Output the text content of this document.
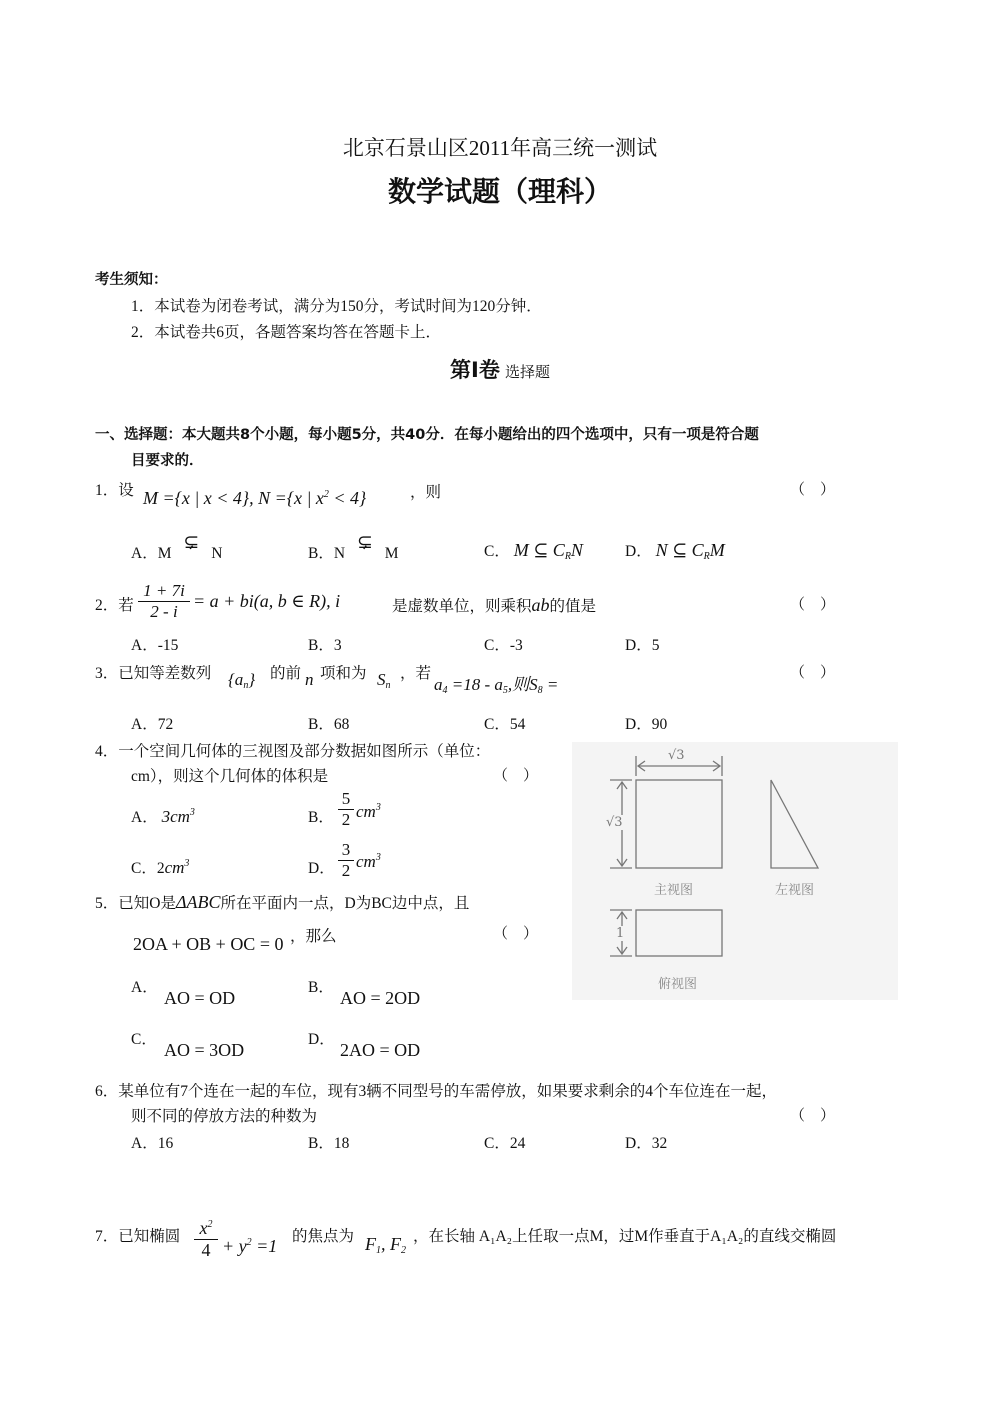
北京石景山区2011年高三统一测试
数学试题（理科）
考生须知：
1．本试卷为闭卷考试，满分为150分，考试时间为120分钟．
2．本试卷共6页，各题答案均答在答题卡上．
第Ⅰ卷 选择题
一、选择题：本大题共8个小题，每小题5分，共40分．在每小题给出的四个选项中，只有一项是符合题
目要求的．
1．设 M ={x | x < 4}, N ={x | $x^2 < 4$}	，则	（　）
A．M ⊊ N	B．N ⊊ M	C． M ⊆ $C_RN$	D． N ⊆ $C_RM$
2．若
1 + 7i
2 - i
= a + bi(a, b ∈ R), i	是虚数单位，则乘积ab的值是	（　）
A．-15	B．3	C．-3	D．5
3．已知等差数列 $\{a_n\}$ 的前 n 项和为 $S_n$
，若
$a_4 =18 - a_5$,则$S_8$ =
（　）
A．72	B．68	C．54	D．90
4．一个空间几何体的三视图及部分数据如图所示（单位：
cm），则这个几何体的体积是	（　）
A． $3cm^3$	B．
5
2 $cm^3$
C．$2cm^3$	D．
3
2 $cm^3$
√3
√3
1
主视图	左视图
俯视图
5．已知O是ΔABC所在平面内一点，D为BC边中点，且
2OA + OB + OC = 0 ，那么	（　）
A．
AO = OD
B．
AO = 2OD
C．
AO = 3OD
D．
2AO = OD
6．某单位有7个连在一起的车位，现有3辆不同型号的车需停放，如果要求剩余的4个车位连在一起，
则不同的停放方法的种数为	（　）
A．16	B．18	C．24	D．32
7．已知椭圆	$x^2$
$4 + y^2 =1$ 的焦点为 $F_1$, $F_2$
，在长轴 A₁A₂上任取一点M，过M作垂直于A₁A₂的直线交椭圆
